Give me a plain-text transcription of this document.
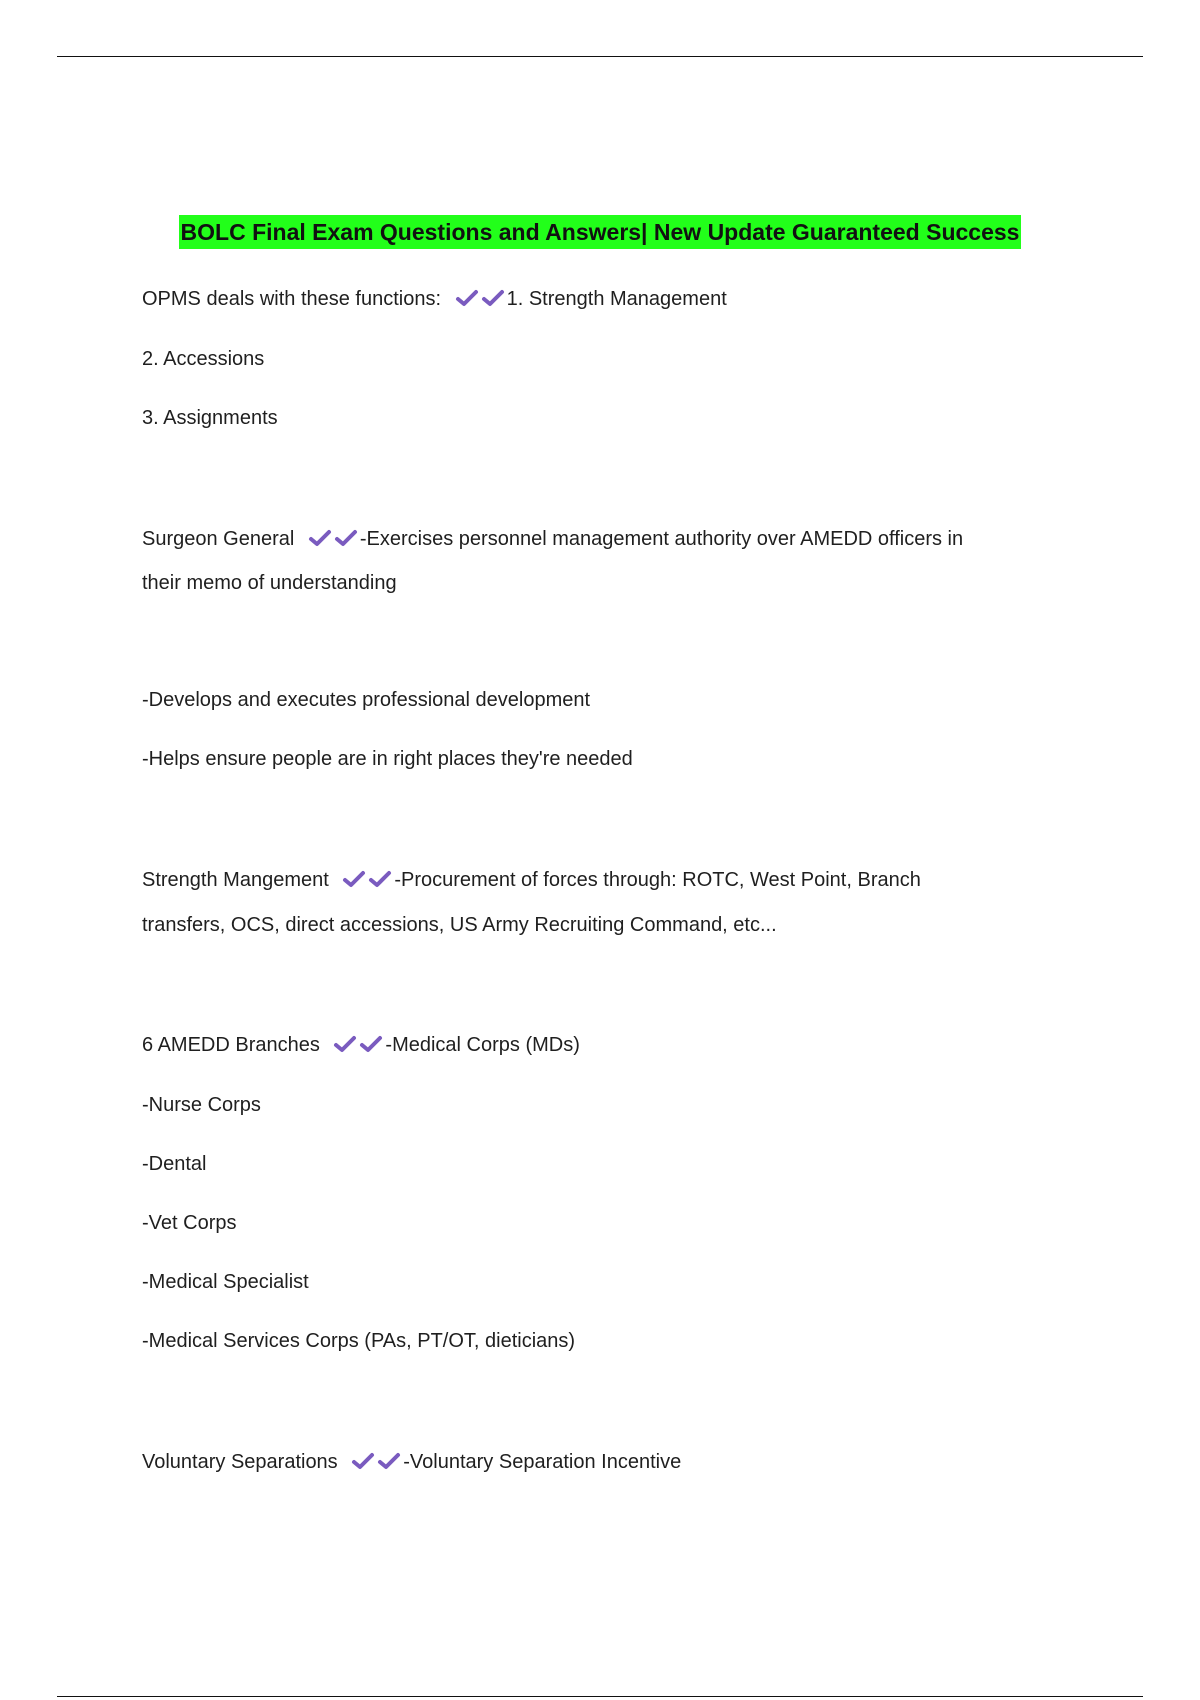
BOLC Final Exam Questions and Answers| New Update Guaranteed Success
OPMS deals with these functions:	1. Strength Management
2. Accessions
3. Assignments
Surgeon General	-Exercises personnel management authority over AMEDD officers in
their memo of understanding
-Develops and executes professional development
-Helps ensure people are in right places they're needed
Strength Mangement	-Procurement of forces through: ROTC, West Point, Branch
transfers, OCS, direct accessions, US Army Recruiting Command, etc...
6 AMEDD Branches	-Medical Corps (MDs)
-Nurse Corps
-Dental
-Vet Corps
-Medical Specialist
-Medical Services Corps (PAs, PT/OT, dieticians)
Voluntary Separations	-Voluntary Separation Incentive
